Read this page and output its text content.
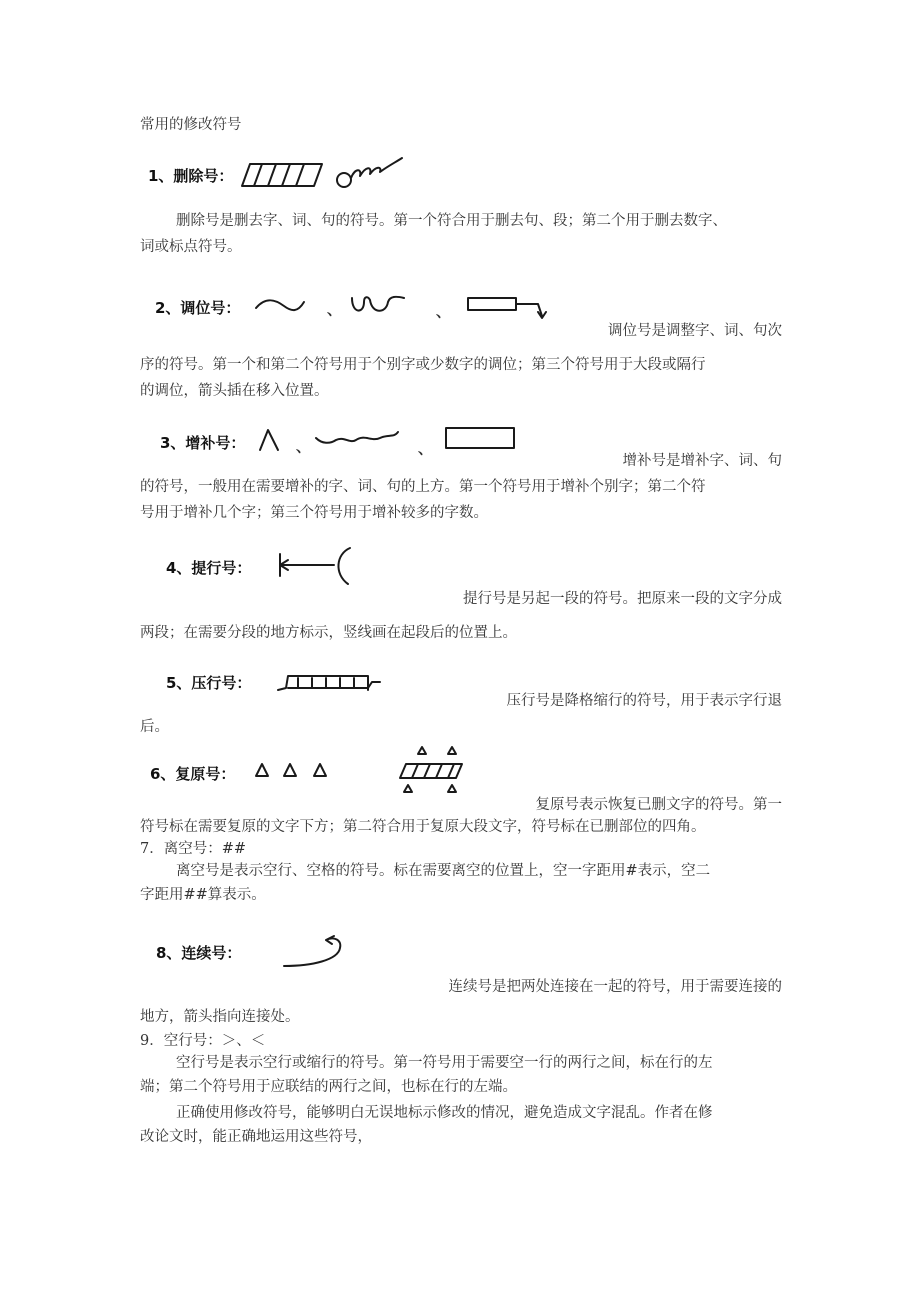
常用的修改符号
1、删除号：
删除号是删去字、词、句的符号。第一个符合用于删去句、段；第二个用于删去数字、
词或标点符号。
2、调位号：	、	、
调位号是调整字、词、句次
序的符号。第一个和第二个符号用于个别字或少数字的调位；第三个符号用于大段或隔行
的调位，箭头插在移入位置。
3、增补号：	、	、
增补号是增补字、词、句
的符号，一般用在需要增补的字、词、句的上方。第一个符号用于增补个别字；第二个符
号用于增补几个字；第三个符号用于增补较多的字数。
4、提行号：
提行号是另起一段的符号。把原来一段的文字分成
两段；在需要分段的地方标示，竖线画在起段后的位置上。
5、压行号：
压行号是降格缩行的符号，用于表示字行退
后。
6、复原号：
复原号表示恢复已删文字的符号。第一
符号标在需要复原的文字下方；第二符合用于复原大段文字，符号标在已删部位的四角。
7．离空号：##
离空号是表示空行、空格的符号。标在需要离空的位置上，空一字距用#表示，空二
字距用##算表示。
8、连续号：
连续号是把两处连接在一起的符号，用于需要连接的
地方，箭头指向连接处。
9．空行号：＞、＜
空行号是表示空行或缩行的符号。第一符号用于需要空一行的两行之间，标在行的左
端；第二个符号用于应联结的两行之间，也标在行的左端。
正确使用修改符号，能够明白无误地标示修改的情况，避免造成文字混乱。作者在修
改论文时，能正确地运用这些符号，
